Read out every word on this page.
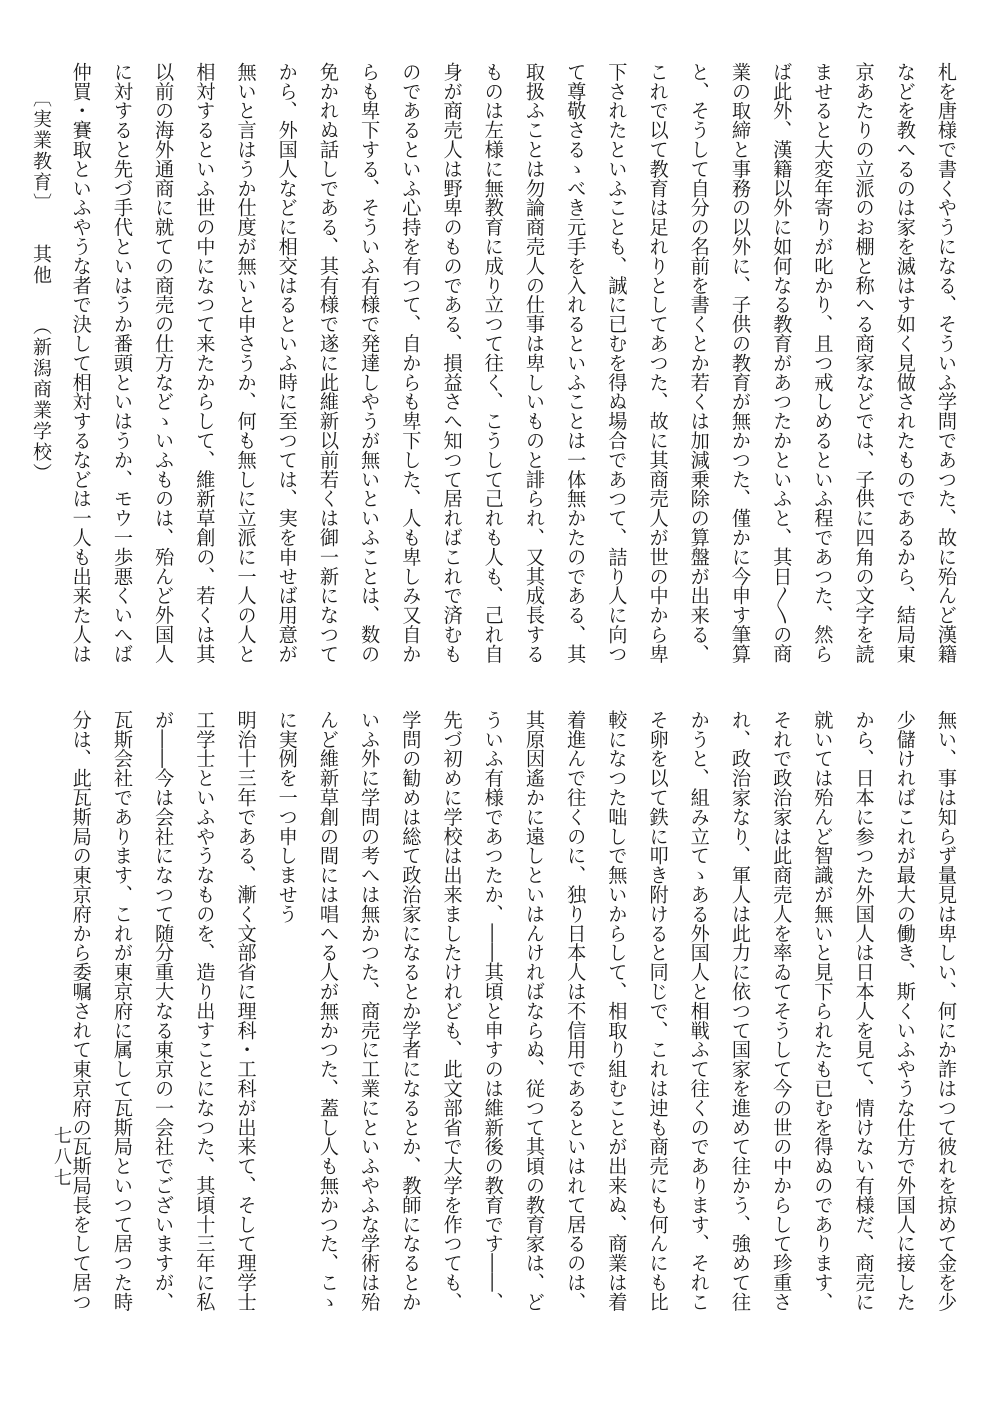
〔実業教育〕其他（新潟商業学校）	札を唐様で書くやうになる、そういふ学問であつた、故に殆んど漢籍
などを教へるのは家を滅はす如く見做されたものであるから、結局東
京あたりの立派のお棚と称へる商家などでは、子供に四角の文字を読
ませると大変年寄りが叱かり、且つ戒しめるといふ程であつた、然ら
ば此外、漢籍以外に如何なる教育があつたかといふと、其日〳〵の商
業の取締と事務の以外に、子供の教育が無かつた、僅かに今申す筆算
と、そうして自分の名前を書くとか若くは加減乗除の算盤が出来る、
これで以て教育は足れりとしてあつた、故に其商売人が世の中から卑
下されたといふことも、誠に已むを得ぬ場合であつて、詰り人に向つ
て尊敬さるゝべき元手を入れるといふことは一体無かたのである、其
取扱ふことは勿論商売人の仕事は卑しいものと誹られ、又其成長する
ものは左様に無教育に成り立つて往く、こうして己れも人も、己れ自
身が商売人は野卑のものである、損益さへ知つて居ればこれで済むも
のであるといふ心持を有つて、自からも卑下した、人も卑しみ又自か
らも卑下する、そういふ有様で発達しやうが無いといふことは、数の
免かれぬ話しである、其有様で遂に此維新以前若くは御一新になつて
から、外国人などに相交はるといふ時に至つては、実を申せば用意が
無いと言はうか仕度が無いと申さうか、何も無しに立派に一人の人と
相対するといふ世の中になつて来たからして、維新草創の、若くは其
以前の海外通商に就ての商売の仕方などゝいふものは、殆んど外国人
に対すると先づ手代といはうか番頭といはうか、モウ一歩悪くいへば
仲買・賽取といふやうな者で決して相対するなどは一人も出来た人は
無い、事は知らず量見は卑しい、何にか詐はつて彼れを掠めて金を少
少儲ければこれが最大の働き、斯くいふやうな仕方で外国人に接した
から、日本に参つた外国人は日本人を見て、情けない有様だ、商売に
就いては殆んど智識が無いと見下られたも已むを得ぬのであります、
それで政治家は此商売人を率ゐてそうして今の世の中からして珍重さ
れ、政治家なり、軍人は此力に依つて国家を進めて往かう、強めて往
かうと、組み立てゝある外国人と相戦ふて往くのであります、それこ
そ卵を以て鉄に叩き附けると同じで、これは迚も商売にも何んにも比
較になつた咄しで無いからして、相取り組むことが出来ぬ、商業は着
着進んで往くのに、独り日本人は不信用であるといはれて居るのは、
其原因遙かに遠しといはんければならぬ、従つて其頃の教育家は、ど
ういふ有様であつたか、――其頃と申すのは維新後の教育です――、
先づ初めに学校は出来ましたけれども、此文部省で大学を作つても、
学問の勧めは総て政治家になるとか学者になるとか、教師になるとか
いふ外に学問の考へは無かつた、商売に工業にといふやふな学術は殆
んど維新草創の間には唱へる人が無かつた、蓋し人も無かつた、こゝ
に実例を一つ申しませう
明治十三年である、漸く文部省に理科・工科が出来て、そして理学士
工学士といふやうなものを、造り出すことになつた、其頃十三年に私
が――今は会社になつて随分重大なる東京の一会社でございますが、
瓦斯会社であります、これが東京府に属して瓦斯局といつて居つた時
分は、此瓦斯局の東京府から委嘱されて東京府の瓦斯局長をして居つ
七八七
